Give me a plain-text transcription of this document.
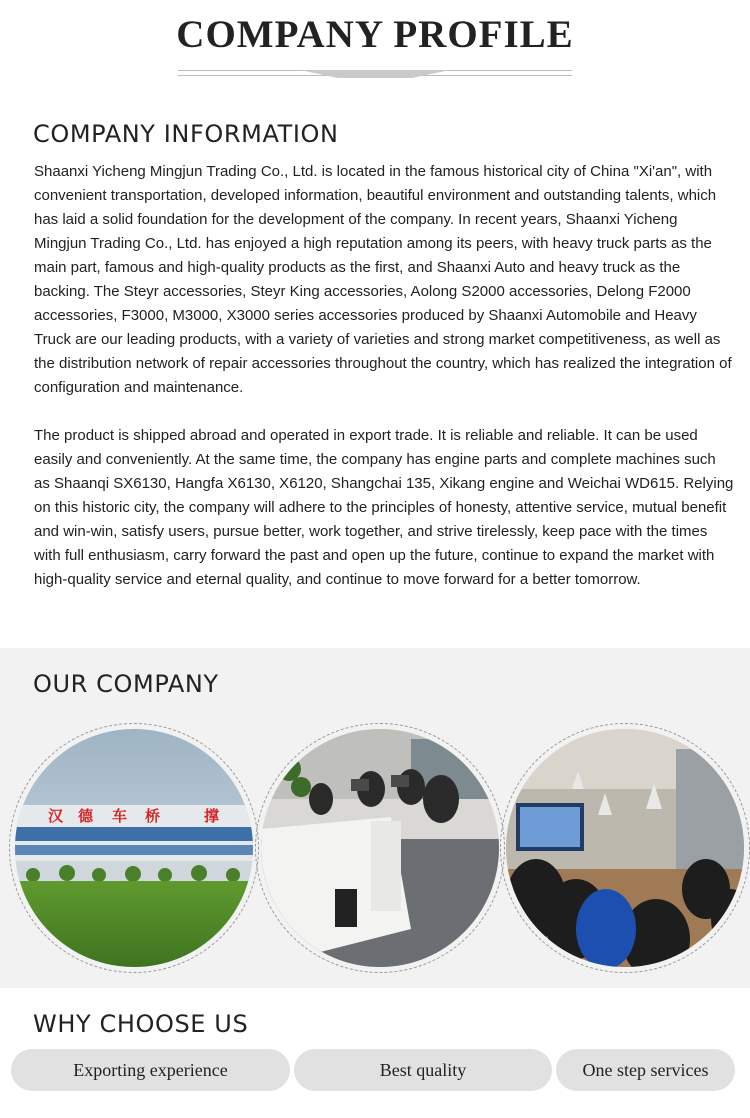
COMPANY PROFILE
COMPANY INFORMATION

Shaanxi Yicheng Mingjun Trading Co., Ltd. is located in the famous historical city of China "Xi'an", with convenient transportation, developed information, beautiful environment and outstanding talents, which has laid a solid foundation for the development of the company. In recent years, Shaanxi Yicheng Mingjun Trading Co., Ltd. has enjoyed a high reputation among its peers, with heavy truck parts as the main part, famous and high-quality products as the first, and Shaanxi Auto and heavy truck as the backing. The Steyr accessories, Steyr King accessories, Aolong S2000 accessories, Delong F2000 accessories, F3000, M3000, X3000 series accessories produced by Shaanxi Automobile and Heavy Truck are our leading products, with a variety of varieties and strong market competitiveness, as well as the distribution network of repair accessories throughout the country, which has realized the integration of configuration and maintenance.

The product is shipped abroad and operated in export trade. It is reliable and reliable. It can be used easily and conveniently. At the same time, the company has engine parts and complete machines such as Shaanqi SX6130, Hangfa X6130, X6120, Shangchai 135, Xikang engine and Weichai WD615. Relying on this historic city, the company will adhere to the principles of honesty, attentive service, mutual benefit and win-win, satisfy users, pursue better, work together, and strive tirelessly, keep pace with the times with full enthusiasm, carry forward the past and open up the future, continue to expand the market with high-quality service and eternal quality, and continue to move forward for a better tomorrow.

OUR COMPANY
汉 德 车 桥	撑
WHY CHOOSE US
Exporting experience	Best quality	One step services
